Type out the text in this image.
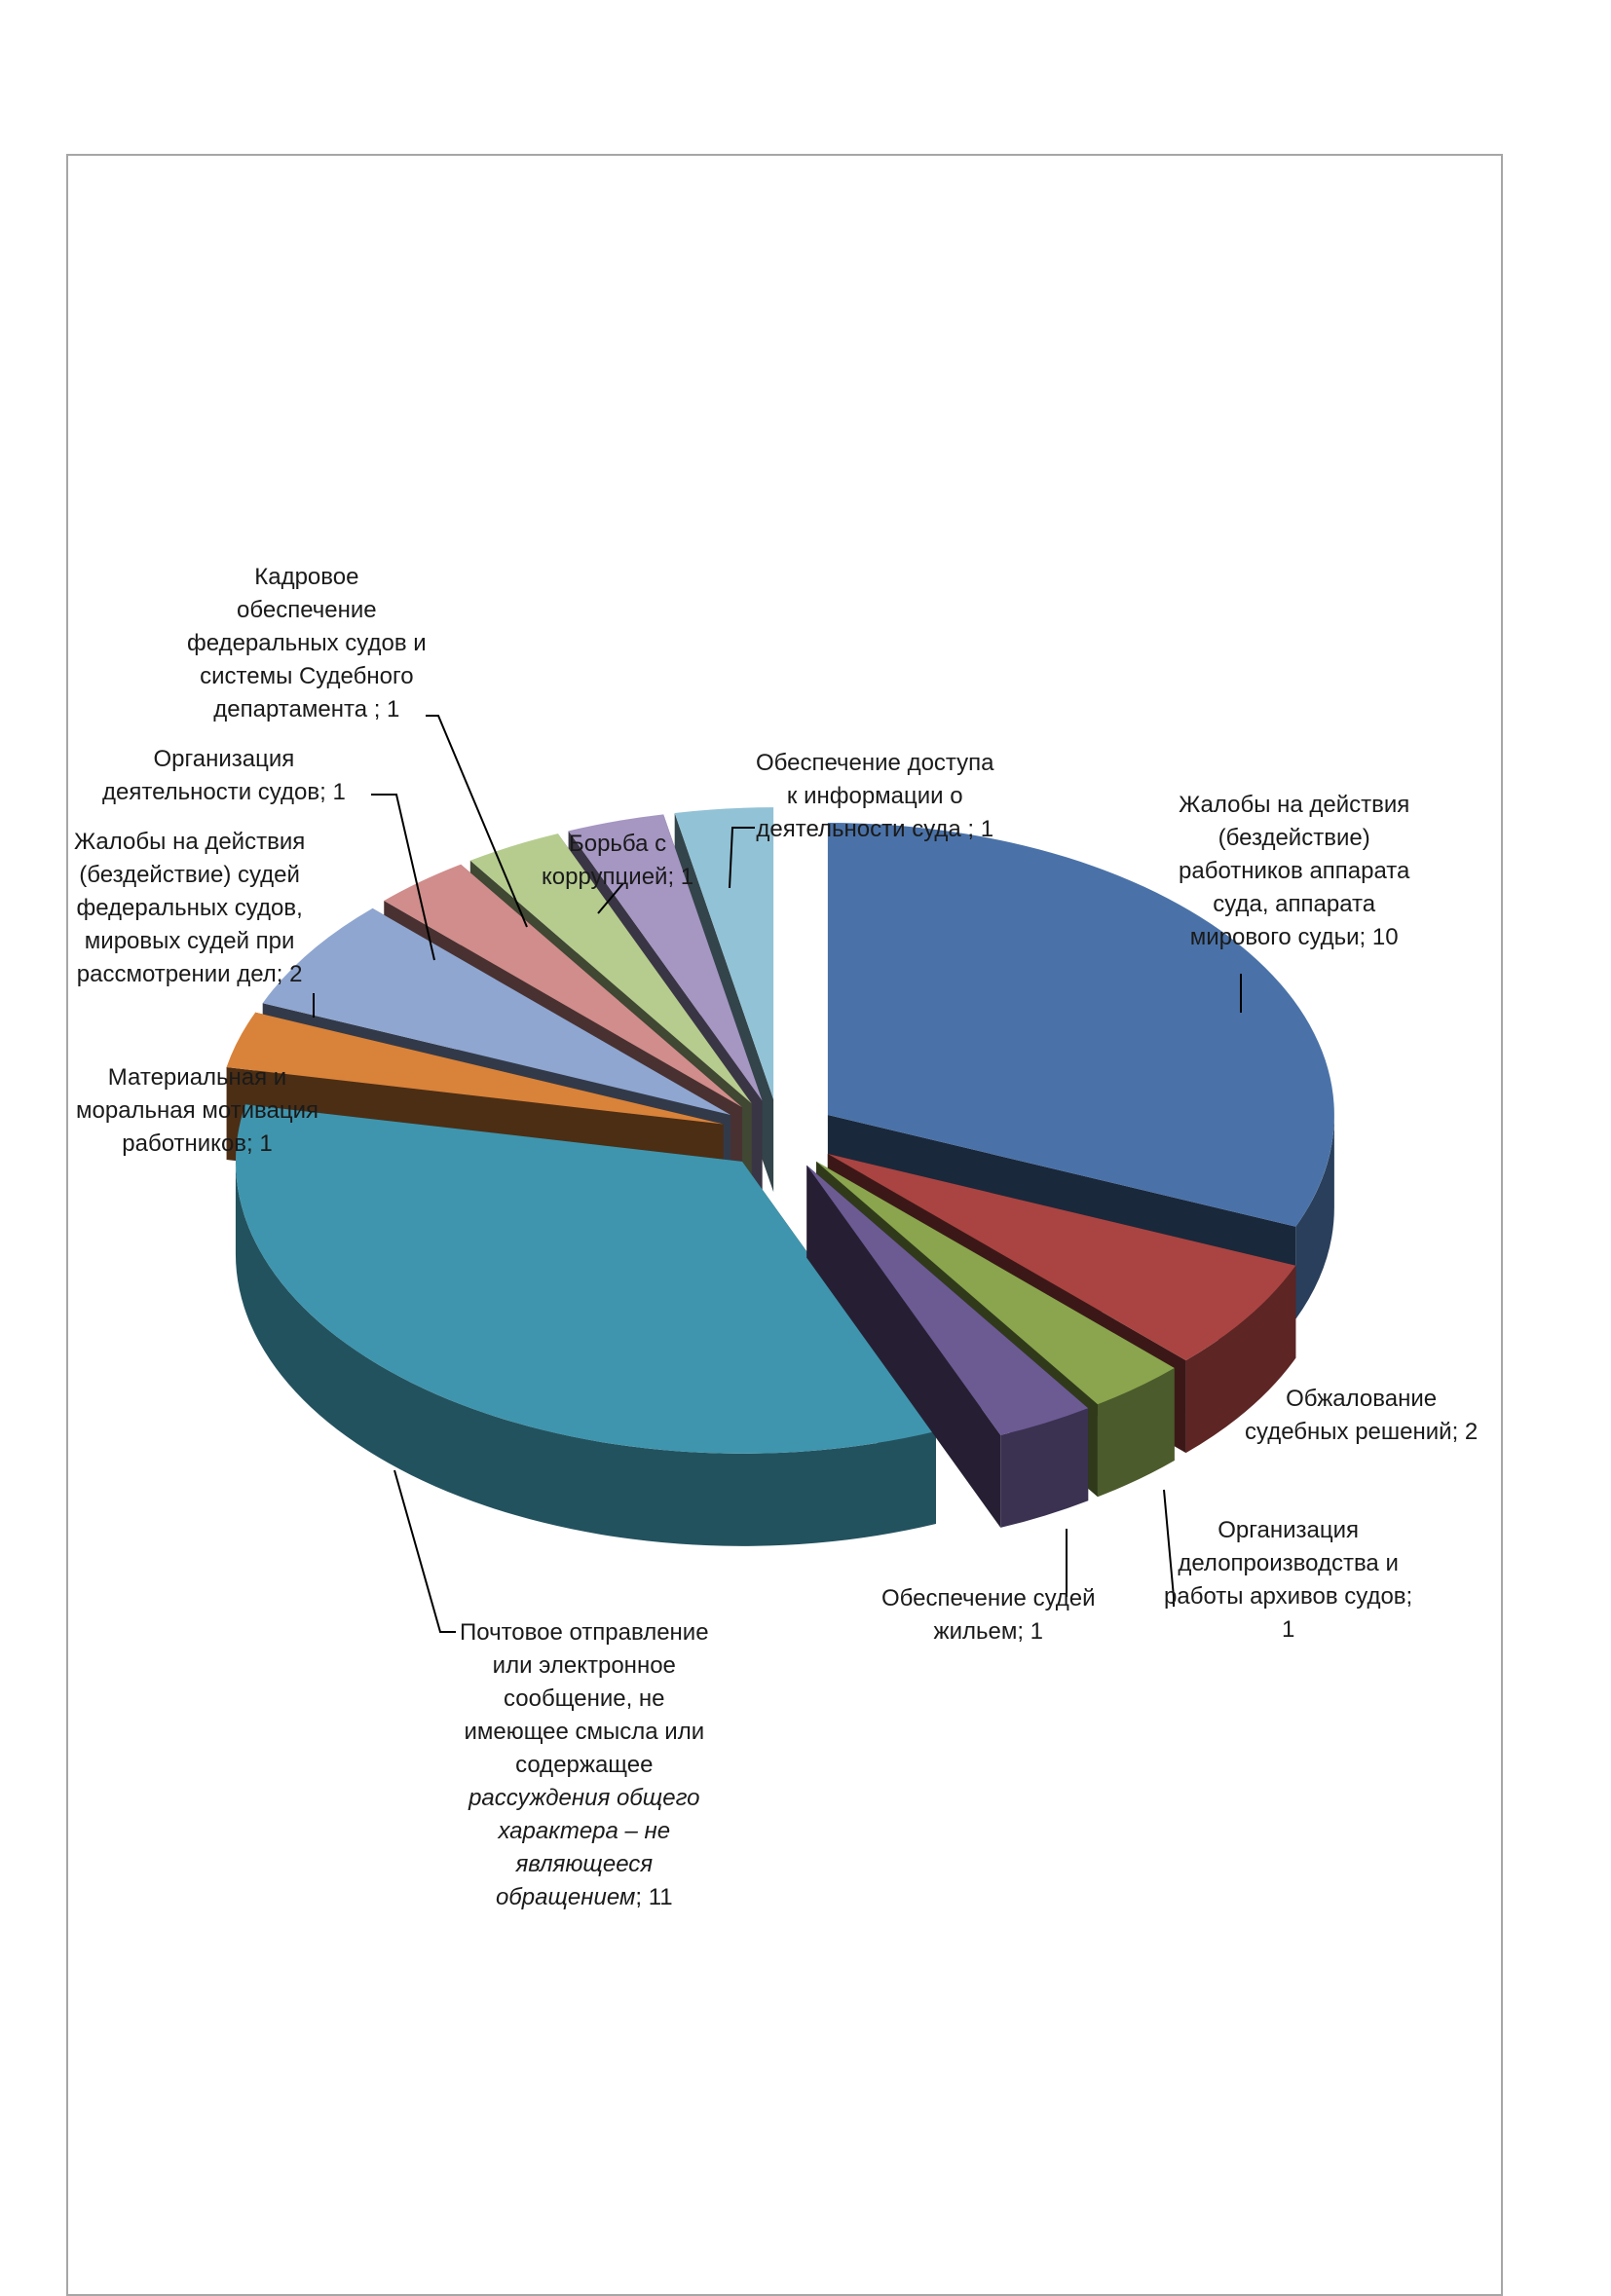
Жалобы на действия
(бездействие)
работников аппарата
суда, аппарата
мирового судьи; 10
Обжалование
судебных решений; 2
Организация
делопроизводства и
работы архивов судов;
1
Обеспечение судей
жильем; 1
Почтовое отправление
или электронное
сообщение, не
имеющее смысла или
содержащее
рассуждения общего
характера – не
являющееся
обращением; 11
Материальная и
моральная мотивация
работников; 1
Жалобы на действия
(бездействие) судей
федеральных судов,
мировых судей при
рассмотрении дел; 2
Организация
деятельности судов; 1
Кадровое
обеспечение
федеральных судов и
системы Судебного
департамента ; 1
Борьба с
коррупцией; 1
Обеспечение доступа
к информации о
деятельности суда ; 1
